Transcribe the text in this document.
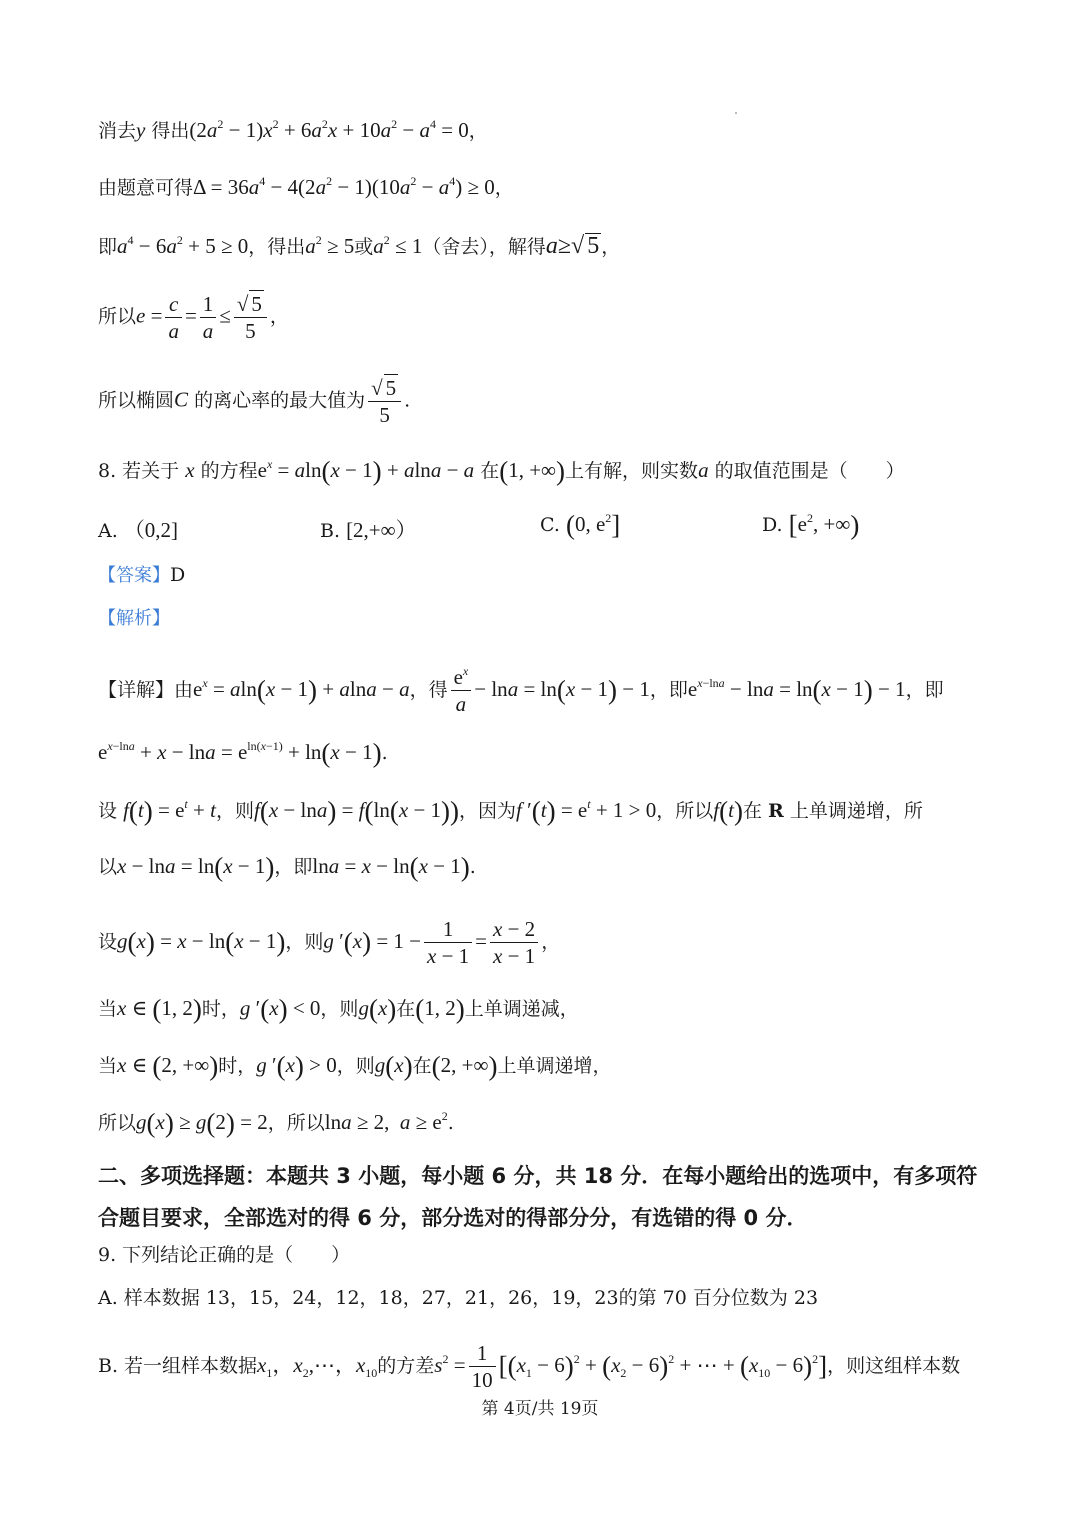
消去y 得出$(2a^2 - 1)x^2 + 6a^2x + 10a^2 - a^4 = 0$，
由题意可得$\Delta = 36a^4 - 4(2a^2 - 1)(10a^2 - a^4) \ge 0$，
即$a^4 - 6a^2 + 5 \ge 0$，得出$a^2 \ge 5$或$a^2 \le 1$（舍去），解得a≥√ 5 ，
所以$e = \frac{c}{a} = \frac{1}{a} \le \frac{√ 5}{5}$ ，
所以椭圆C 的离心率的最大值为 $\frac{√ 5}{5}$ .
8. 若关于 x 的方程$e^x = aln(x - 1) + alna - a$ 在(1, +∞)上有解，则实数a 的取值范围是（　　）
A. （0,2]	B. [2,+∞）	C. (0, $e^2$]	D. [$e^2$, +∞)
【答案】D
【解析】
【详解】由$e^x = aln(x - 1) + alna - a$，得 $\frac{e^x}{a} - \ln a = \ln(x - 1) - 1$，即$e^{x-lna} - \ln a = \ln(x - 1) - 1$，即
$e^{x-lna} + x - \ln a = e^{ln(x-1)} + \ln(x - 1)$.
设 $f(t) = e^t + t$，则f(x − lna) = f(ln(x − 1))，因为f $'(t) = e^t + 1 > 0$，所以f(t)在 R 上单调递增，所
以x − lna = ln(x − 1)，即lna = x − ln(x − 1).
设g(x) = x − ln(x − 1)，则g $'(x) = 1 - \frac{1}{x - 1} = \frac{x - 2}{x - 1}$ ，
当x ∈ (1, 2)时，g ′(x) < 0，则g(x)在(1, 2)上单调递减，
当x ∈ (2, +∞)时，g ′(x) > 0，则g(x)在(2, +∞)上单调递增，
所以g(x) ≥ g(2) = 2，所以lna ≥ 2,  $a \ge e^2$.
二、多项选择题：本题共 3 小题，每小题 6 分，共 18 分．在每小题给出的选项中，有多项符
合题目要求，全部选对的得 6 分，部分选对的得部分分，有选错的得 0 分．
9. 下列结论正确的是（　　）
A. 样本数据 13，15，24，12，18，27，21，26，19，23的第 70 百分位数为 23
B. 若一组样本数据$x_1$，$x_2,\cdots$，$x_{10}$的方差$s^2 = \frac{1}{10} [(x_1 - 6)^2 + (x_2 - 6)^2$ + ⋯ + $(x_{10} - 6)^2$]，则这组样本数
第 4页/共 19页
